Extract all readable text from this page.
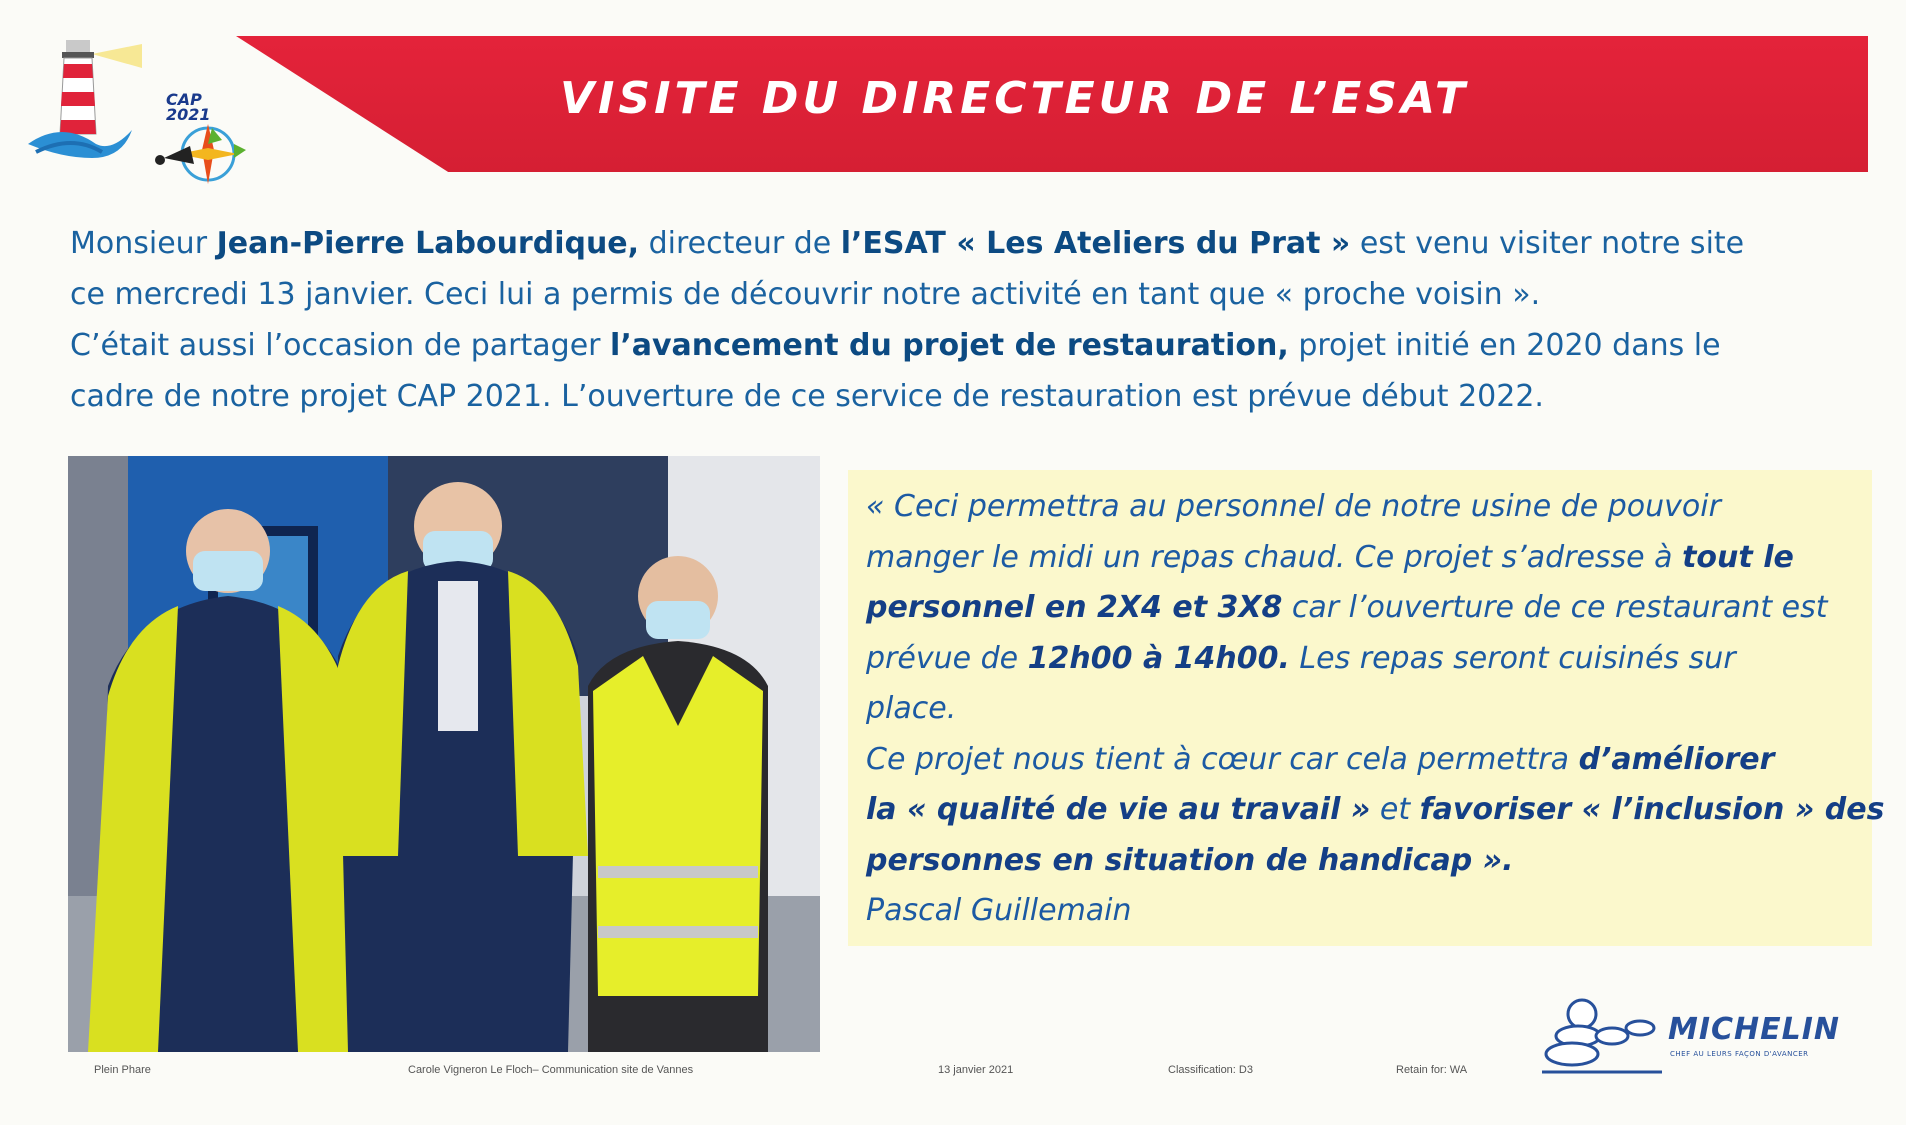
CAP 2021	VISITE DU DIRECTEUR DE L’ESAT

Monsieur Jean-Pierre Labourdique, directeur de l’ESAT « Les Ateliers du Prat » est venu visiter notre site

ce mercredi 13 janvier. Ceci lui a permis de découvrir notre activité en tant que « proche voisin ».

C’était aussi l’occasion de partager l’avancement du projet de restauration, projet initié en 2020 dans le

cadre de notre projet CAP 2021. L’ouverture de ce service de restauration est prévue début 2022.

« Ceci permettra au personnel de notre usine de pouvoir

manger le midi un repas chaud. Ce projet s’adresse à tout le

personnel en 2X4 et 3X8 car l’ouverture de ce restaurant est

prévue de 12h00 à 14h00. Les repas seront cuisinés sur

place.

Ce projet nous tient à cœur car cela permettra d’améliorer

la « qualité de vie au travail » et favoriser « l’inclusion » des

personnes en situation de handicap ».

Pascal Guillemain

MICHELIN
CHEF AU LEURS FAÇON D'AVANCER
Plein Phare	Carole Vigneron Le Floch– Communication site de Vannes	13 janvier 2021	Classification: D3	Retain for: WA
